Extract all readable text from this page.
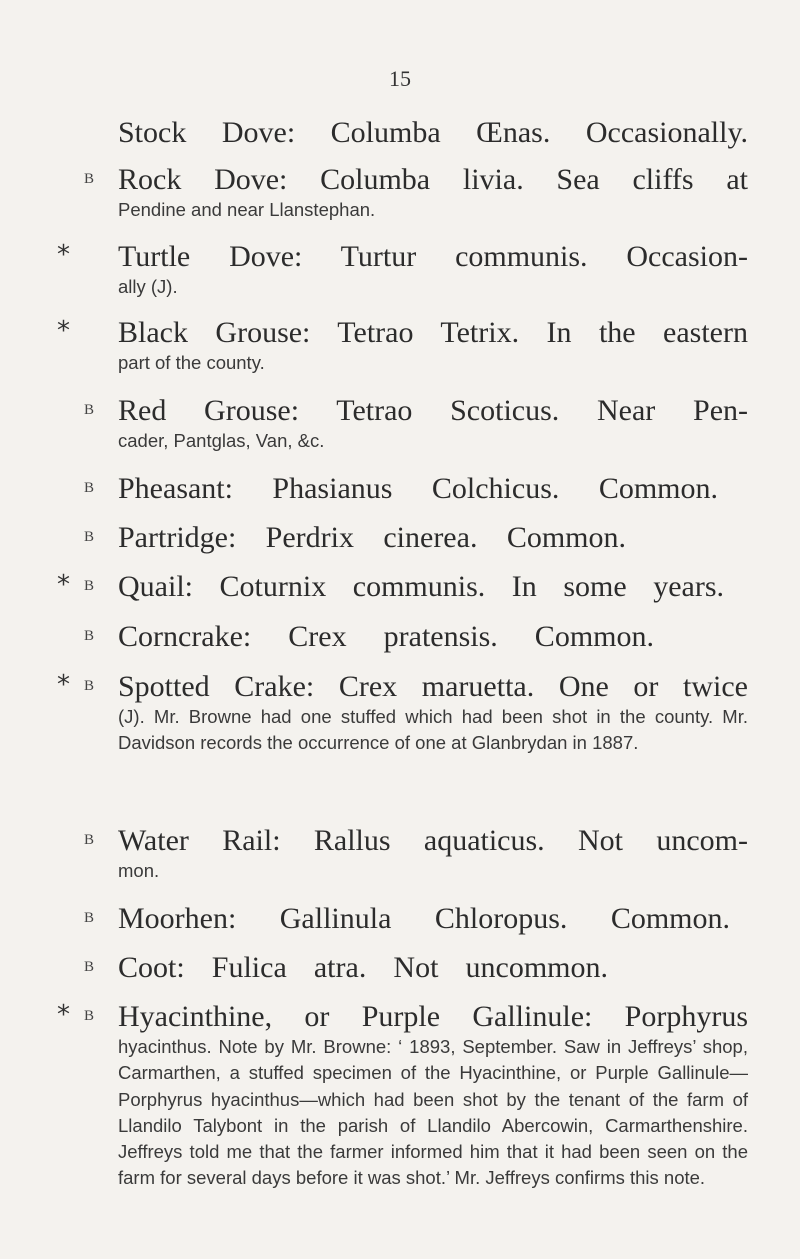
15
Stock Dove: Columba Œnas. Occasionally.
B Rock Dove: Columba livia. Sea cliffs at
Pendine and near Llanstephan.
* Turtle Dove: Turtur communis. Occasion-
ally (J).
* Black Grouse: Tetrao Tetrix. In the eastern
part of the county.
B Red Grouse: Tetrao Scoticus. Near Pen-
cader, Pantglas, Van, &c.
B Pheasant: Phasianus Colchicus. Common.
B Partridge: Perdrix cinerea. Common.
* B Quail: Coturnix communis. In some years.
B Corncrake: Crex pratensis. Common.
* B Spotted Crake: Crex maruetta. One or twice
(J). Mr. Browne had one stuffed which had been shot in the county. Mr. Davidson records the occurrence of one at Glanbrydan in 1887.
B Water Rail: Rallus aquaticus. Not uncom-
mon.
B Moorhen: Gallinula Chloropus. Common.
B Coot: Fulica atra. Not uncommon.
* B Hyacinthine, or Purple Gallinule: Porphyrus
hyacinthus. Note by Mr. Browne: ‘ 1893, September. Saw in Jeffreys’ shop, Carmarthen, a stuffed specimen of the Hyacinthine, or Purple Gallinule—Porphyrus hyacinthus—which had been shot by the tenant of the farm of Llandilo Talybont in the parish of Llandilo Abercowin, Carmarthenshire. Jeffreys told me that the farmer informed him that it had been seen on the farm for several days before it was shot.’ Mr. Jeffreys confirms this note.
